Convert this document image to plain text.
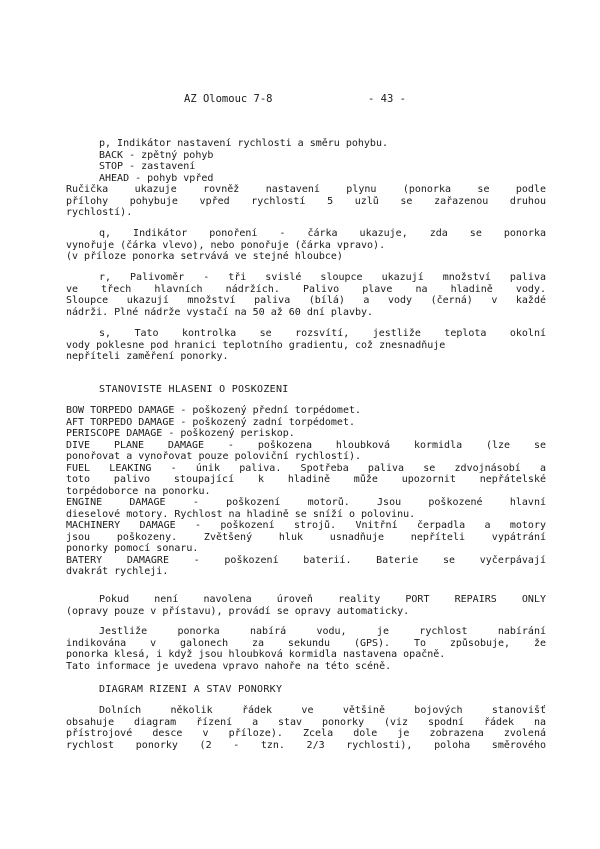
AZ Olomouc 7-8	- 43 -
p, Indikátor nastavení rychlosti a směru pohybu.
BACK - zpětný pohyb
STOP - zastavení
AHEAD - pohyb vpřed
Ručička ukazuje rovněž nastavení plynu (ponorka se podle
přílohy pohybuje vpřed rychlostí 5 uzlů se zařazenou druhou
rychlostí).
q, Indikátor ponoření - čárka ukazuje, zda se ponorka
vynořuje (čárka vlevo), nebo ponořuje (čárka vpravo).
(v příloze ponorka setrvává ve stejné hloubce)
r, Palivoměr - tři svislé sloupce ukazují množství paliva
ve třech hlavních nádržích. Palivo plave na hladině vody.
Sloupce ukazují množství paliva (bílá) a vody (černá) v každé
nádrži. Plné nádrže vystačí na 50 až 60 dní plavby.
s, Tato kontrolka se rozsvítí, jestliže teplota okolní
vody poklesne pod hranici teplotního gradientu, což znesnadňuje
nepříteli zaměření ponorky.
STANOVIŠTĚ HLÁŠENÍ O POŠKOZENÍ
BOW TORPEDO DAMAGE - poškozený přední torpédomet.
AFT TORPEDO DAMAGE - poškozený zadní torpédomet.
PERISCOPE DAMAGE - poškozený periskop.
DIVE PLANE DAMAGE - poškozena hloubková kormidla (lze se
ponořovat a vynořovat pouze poloviční rychlostí).
FUEL LEAKING - únik paliva. Spotřeba paliva se zdvojnásobí a
toto palivo stoupající k hladině může upozornit nepřátelské
torpédoborce na ponorku.
ENGINE DAMAGE - poškození motorů. Jsou poškozené hlavní
dieselové motory. Rychlost na hladině se sníží o polovinu.
MACHINERY DAMAGE - poškození strojů. Vnitřní čerpadla a motory
jsou poškozeny. Zvětšený hluk usnadňuje nepříteli vypátrání
ponorky pomocí sonaru.
BATERY DAMAGRE - poškození baterií. Baterie se vyčerpávají
dvakrát rychleji.
Pokud není navolena úroveň reality PORT REPAIRS ONLY
(opravy pouze v přístavu), provádí se opravy automaticky.
Jestliže ponorka nabírá vodu, je rychlost nabírání
indikována v galonech za sekundu (GPS). To způsobuje, že
ponorka klesá, i když jsou hloubková kormidla nastavena opačně.
Tato informace je uvedena vpravo nahoře na této scéně.
DIAGRAM ŘÍZENÍ A STAV PONORKY
Dolních několik řádek ve většině bojových stanovišť
obsahuje diagram řízení a stav ponorky (viz spodní řádek na
přístrojové desce v příloze). Zcela dole je zobrazena zvolená
rychlost ponorky (2 - tzn. 2/3 rychlosti), poloha směrového
